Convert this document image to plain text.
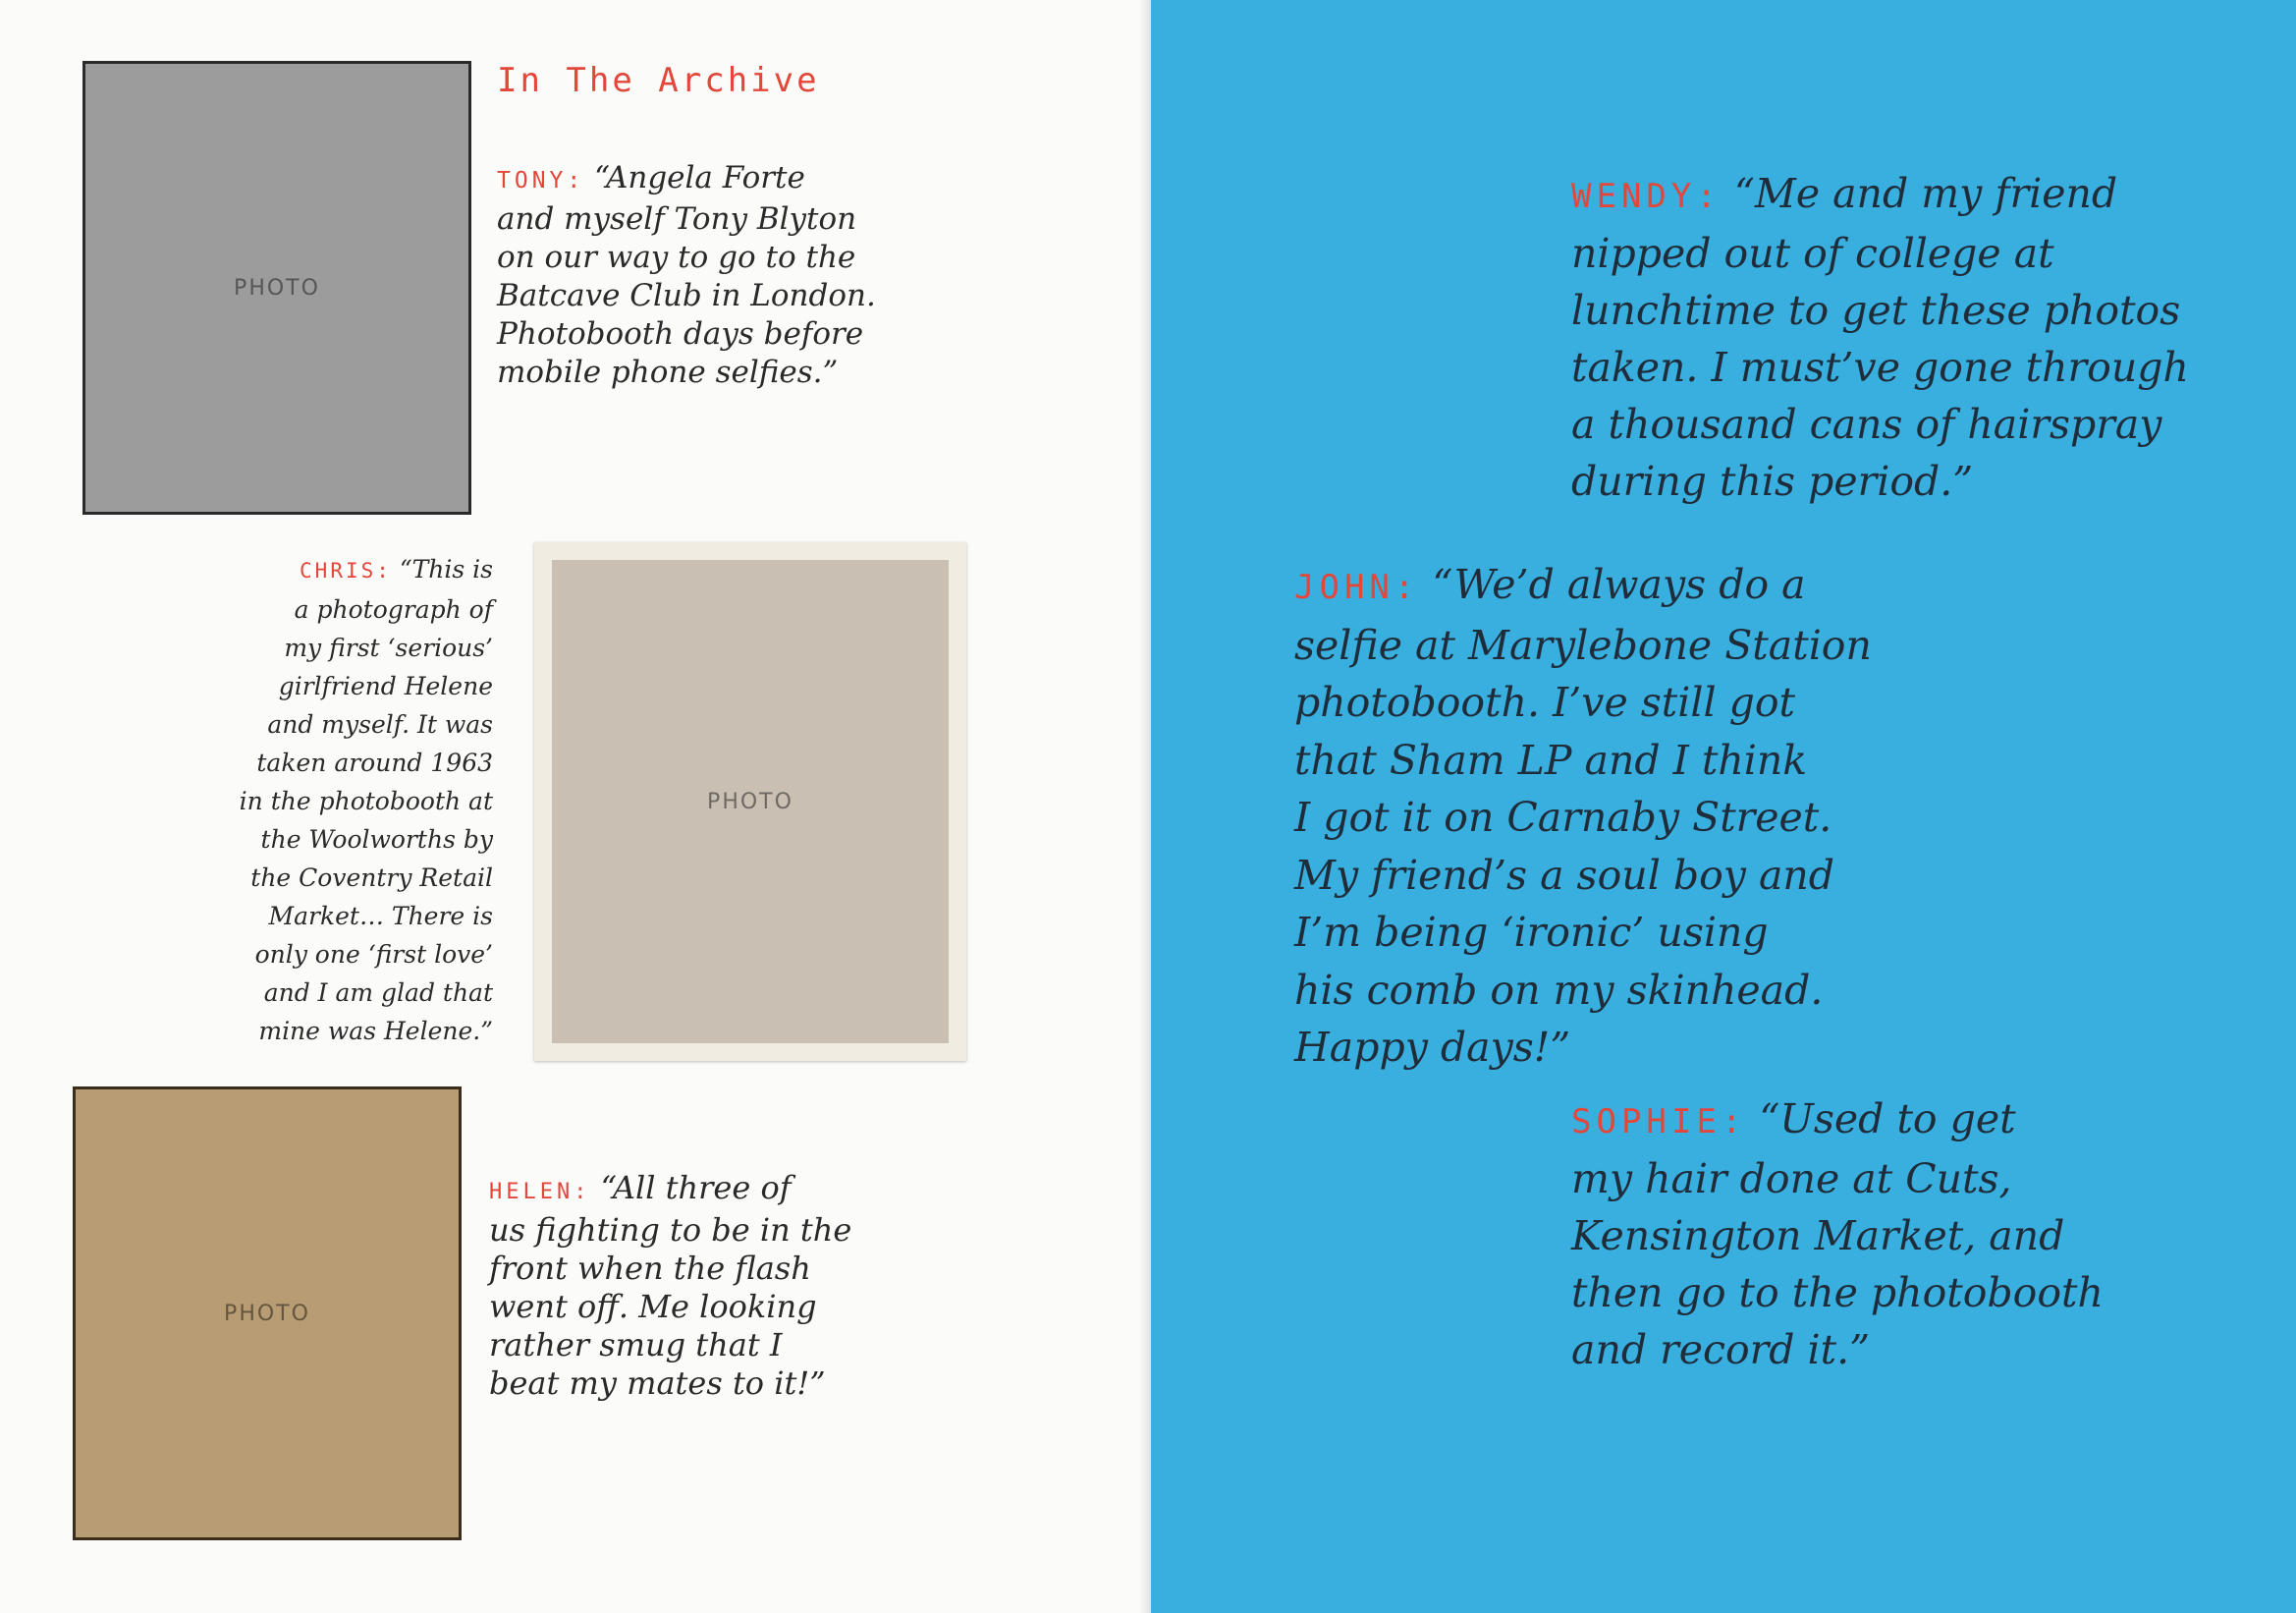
PHOTO
In The Archive

TONY: “Angela Forte
and myself Tony Blyton
on our way to go to the
Batcave Club in London.
Photobooth days before
mobile phone selfies.”

CHRIS: “This is
a photograph of
my first ‘serious’
girlfriend Helene
and myself. It was
taken around 1963
in the photobooth at
the Woolworths by
the Coventry Retail
Market… There is
only one ‘first love’
and I am glad that
mine was Helene.”

PHOTO
PHOTO

HELEN: “All three of
us fighting to be in the
front when the flash
went off. Me looking
rather smug that I
beat my mates to it!”

WENDY: “Me and my friend
nipped out of college at
lunchtime to get these photos
taken. I must’ve gone through
a thousand cans of hairspray
during this period.”

JOHN: “We’d always do a
selfie at Marylebone Station
photobooth. I’ve still got
that Sham LP and I think
I got it on Carnaby Street.
My friend’s a soul boy and
I’m being ‘ironic’ using
his comb on my skinhead.
Happy days!”

SOPHIE: “Used to get
my hair done at Cuts,
Kensington Market, and
then go to the photobooth
and record it.”
